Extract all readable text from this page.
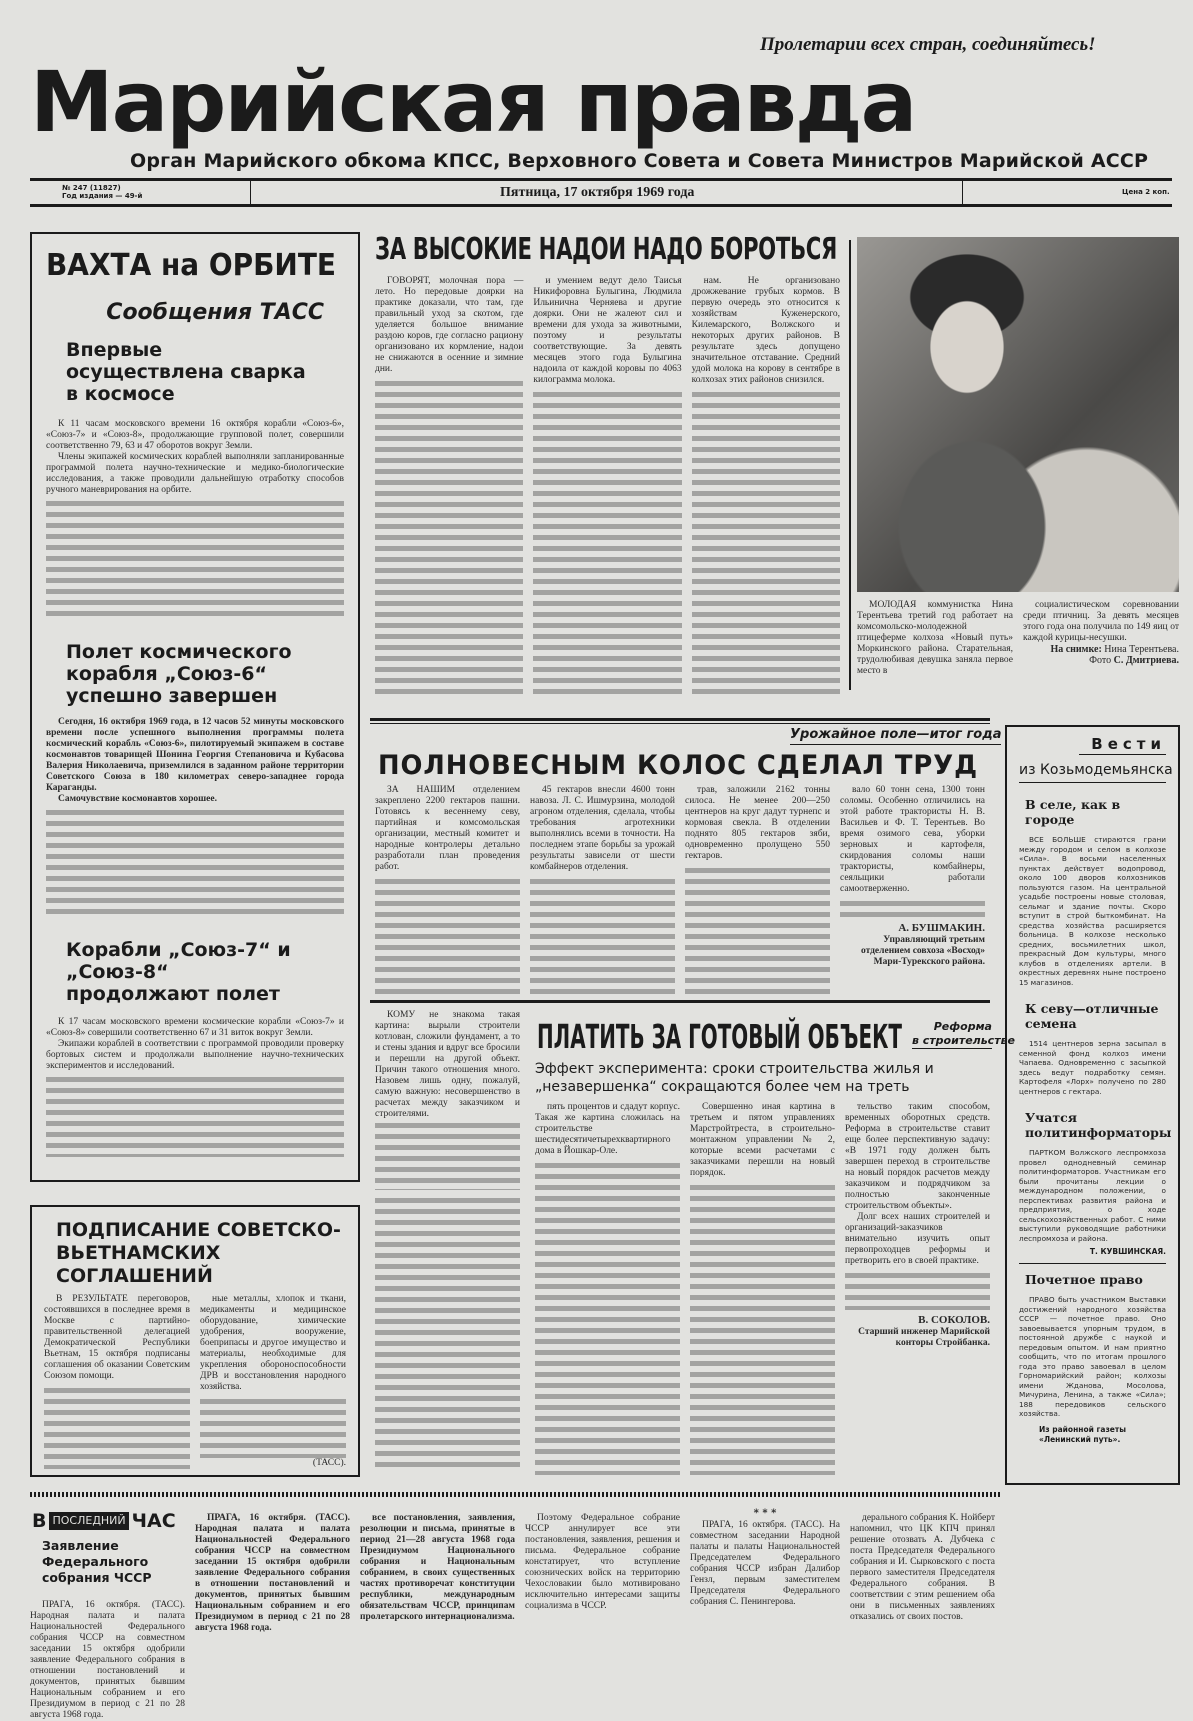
Пролетарии всех стран, соединяйтесь!
Марийская правда
Орган Марийского обкома КПСС, Верховного Совета и Совета Министров Марийской АССР
№ 247 (11827)
Год издания — 49-й	Пятница, 17 октября 1969 года	Цена 2 коп.
ВАХТА на ОРБИТЕ
Сообщения ТАСС
Впервые осуществлена сварка в космосе

К 11 часам московского времени 16 октября корабли «Союз-6», «Союз-7» и «Союз-8», продолжающие групповой полет, совершили соответственно 79, 63 и 47 оборотов вокруг Земли.

Члены экипажей космических кораблей выполняли запланированные программой полета научно-технические и медико-биологические исследования, а также проводили дальнейшую отработку способов ручного маневрирования на орбите.

Полет космического корабля „Союз-6“ успешно завершен

Сегодня, 16 октября 1969 года, в 12 часов 52 минуты московского времени после успешного выполнения программы полета космический корабль «Союз-6», пилотируемый экипажем в составе космонавтов товарищей Шонина Георгия Степановича и Кубасова Валерия Николаевича, приземлился в заданном районе территории Советского Союза в 180 километрах северо-западнее города Караганды.

Самочувствие космонавтов хорошее.

Корабли „Союз-7“ и „Союз-8“ продолжают полет

К 17 часам московского времени космические корабли «Союз-7» и «Союз-8» совершили соответственно 67 и 31 виток вокруг Земли.

Экипажи кораблей в соответствии с программой проводили проверку бортовых систем и продолжали выполнение научно-технических экспериментов и исследований.

ПОДПИСАНИЕ СОВЕТСКО-ВЬЕТНАМСКИХ СОГЛАШЕНИЙ

В РЕЗУЛЬТАТЕ переговоров, состоявшихся в последнее время в Москве с партийно-правительственной делегацией Демократической Республики Вьетнам, 15 октября подписаны соглашения об оказании Советским Союзом помощи.

ные металлы, хлопок и ткани, медикаменты и медицинское оборудование, химические удобрения, вооружение, боеприпасы и другое имущество и материалы, необходимые для укрепления обороноспособности ДРВ и восстановления народного хозяйства.

(ТАСС).
ЗА ВЫСОКИЕ НАДОИ НАДО БОРОТЬСЯ

ГОВОРЯТ, молочная пора — лето. Но передовые доярки на практике доказали, что там, где правильный уход за скотом, где уделяется большое внимание раздою коров, где согласно рациону организовано их кормление, надои не снижаются в осенние и зимние дни.

и умением ведут дело Таисья Никифоровна Булыгина, Людмила Ильинична Черняева и другие доярки. Они не жалеют сил и времени для ухода за животными, поэтому и результаты соответствующие. За девять месяцев этого года Булыгина надоила от каждой коровы по 4063 килограмма молока.

нам. Не организовано дрожжевание грубых кормов. В первую очередь это относится к хозяйствам Куженерского, Килемарского, Волжского и некоторых других районов. В результате здесь допущено значительное отставание. Средний удой молока на корову в сентябре в колхозах этих районов снизился.

МОЛОДАЯ коммунистка Нина Терентьева третий год работает на комсомольско-молодежной птицеферме колхоза «Новый путь» Моркинского района. Старательная, трудолюбивая девушка заняла первое место в

социалистическом соревновании среди птичниц. За девять месяцев этого года она получила по 149 яиц от каждой курицы-несушки.

На снимке: Нина Терентьева.

Фото С. Дмитриева.

Урожайное поле—итог года
ПОЛНОВЕСНЫМ КОЛОС СДЕЛАЛ ТРУД

ЗА НАШИМ отделением закреплено 2200 гектаров пашни. Готовясь к весеннему севу, партийная и комсомольская организации, местный комитет и народные контролеры детально разработали план проведения работ.

45 гектаров внесли 4600 тонн навоза. Л. С. Ишмурзина, молодой агроном отделения, сделала, чтобы требования агротехники выполнялись всеми в точности. На последнем этапе борьбы за урожай результаты зависели от шести комбайнеров отделения.

трав, заложили 2162 тонны силоса. Не менее 200—250 центнеров на круг дадут турнепс и кормовая свекла. В отделении поднято 805 гектаров зяби, одновременно пролущено 550 гектаров.

вало 60 тонн сена, 1300 тонн соломы. Особенно отличились на этой работе трактористы Н. В. Васильев и Ф. Т. Терентьев. Во время озимого сева, уборки зерновых и картофеля, скирдования соломы наши трактористы, комбайнеры, сеяльщики работали самоотверженно.

А. БУШМАКИН.
Управляющий третьим отделением совхоза «Восход» Мари-Турекского района.

КОМУ не знакома такая картина: вырыли строители котлован, сложили фундамент, а то и стены здания и вдруг все бросили и перешли на другой объект. Причин такого отношения много. Назовем лишь одну, пожалуй, самую важную: несовершенство в расчетах между заказчиком и строителями.

ПЛАТИТЬ ЗА ГОТОВЫЙ ОБЪЕКТ	Реформа
в строительстве
Эффект эксперимента: сроки строительства жилья и „незавершенка“ сокращаются более чем на треть

пять процентов и сдадут корпус. Такая же картина сложилась на строительстве шестидесятичетырехквартирного дома в Йошкар-Оле.

Совершенно иная картина в третьем и пятом управлениях Марстройтреста, в строительно-монтажном управлении № 2, которые всеми расчетами с заказчиками перешли на новый порядок.

тельство таким способом, временных оборотных средств. Реформа в строительстве ставит еще более перспективную задачу: «В 1971 году должен быть завершен переход в строительстве на новый порядок расчетов между заказчиком и подрядчиком за полностью законченные строительством объекты».

Долг всех наших строителей и организаций-заказчиков внимательно изучить опыт первопроходцев реформы и претворить его в своей практике.

В. СОКОЛОВ.
Старший инженер Марийской конторы Стройбанка.
Вести
из Козьмодемьянска
В селе, как в городе

ВСЕ БОЛЬШЕ стираются грани между городом и селом в колхозе «Сила». В восьми населенных пунктах действует водопровод, около 100 дворов колхозников пользуются газом. На центральной усадьбе построены новые столовая, сельмаг и здание почты. Скоро вступит в строй быткомбинат. На средства хозяйства расширяется больница. В колхозе несколько средних, восьмилетних школ, прекрасный Дом культуры, много клубов в отделениях артели. В окрестных деревнях ныне построено 15 магазинов.

К севу—отличные семена

1514 центнеров зерна засыпал в семенной фонд колхоз имени Чапаева. Одновременно с засыпкой здесь ведут подработку семян. Картофеля «Лорх» получено по 280 центнеров с гектара.

Учатся политинформаторы

ПАРТКОМ Волжского леспромхоза провел однодневный семинар политинформаторов. Участникам его были прочитаны лекции о международном положении, о перспективах развития района и предприятия, о ходе сельскохозяйственных работ. С ними выступили руководящие работники леспромхоза и района.

Т. КУВШИНСКАЯ.
Почетное право

ПРАВО быть участником Выставки достижений народного хозяйства СССР — почетное право. Оно завоевывается упорным трудом, в постоянной дружбе с наукой и передовым опытом. И нам приятно сообщить, что по итогам прошлого года это право завоевал в целом Горномарийский район; колхозы имени Жданова, Мосолова, Мичурина, Ленина, а также «Сила»; 188 передовиков сельского хозяйства.

Из районной газеты «Ленинский путь».
В ПОСЛЕДНИЙ ЧАС
Заявление Федерального собрания ЧССР

ПРАГА, 16 октября. (ТАСС). Народная палата и палата Национальностей Федерального собрания ЧССР на совместном заседании 15 октября одобрили заявление Федерального собрания в отношении постановлений и документов, принятых бывшим Национальным собранием и его Президиумом в период с 21 по 28 августа 1968 года.

ПРАГА, 16 октября. (ТАСС). Народная палата и палата Национальностей Федерального собрания ЧССР на совместном заседании 15 октября одобрили заявление Федерального собрания в отношении постановлений и документов, принятых бывшим Национальным собранием и его Президиумом в период с 21 по 28 августа 1968 года.

все постановления, заявления, резолюции и письма, принятые в период 21—28 августа 1968 года Президиумом Национального собрания и Национальным собранием, в своих существенных частях противоречат конституции республики, международным обязательствам ЧССР, принципам пролетарского интернационализма.

Поэтому Федеральное собрание ЧССР аннулирует все эти постановления, заявления, решения и письма. Федеральное собрание констатирует, что вступление союзнических войск на территорию Чехословакии было мотивировано исключительно интересами защиты социализма в ЧССР.

* * *

ПРАГА, 16 октября. (ТАСС). На совместном заседании Народной палаты и палаты Национальностей Председателем Федерального собрания ЧССР избран Далибор Гензл, первым заместителем Председателя Федерального собрания С. Пенингерова.

дерального собрания К. Нойберт напомнил, что ЦК КПЧ принял решение отозвать А. Дубчека с поста Председателя Федерального собрания и И. Сырковского с поста первого заместителя Председателя Федерального собрания. В соответствии с этим решением оба они в письменных заявлениях отказались от своих постов.
